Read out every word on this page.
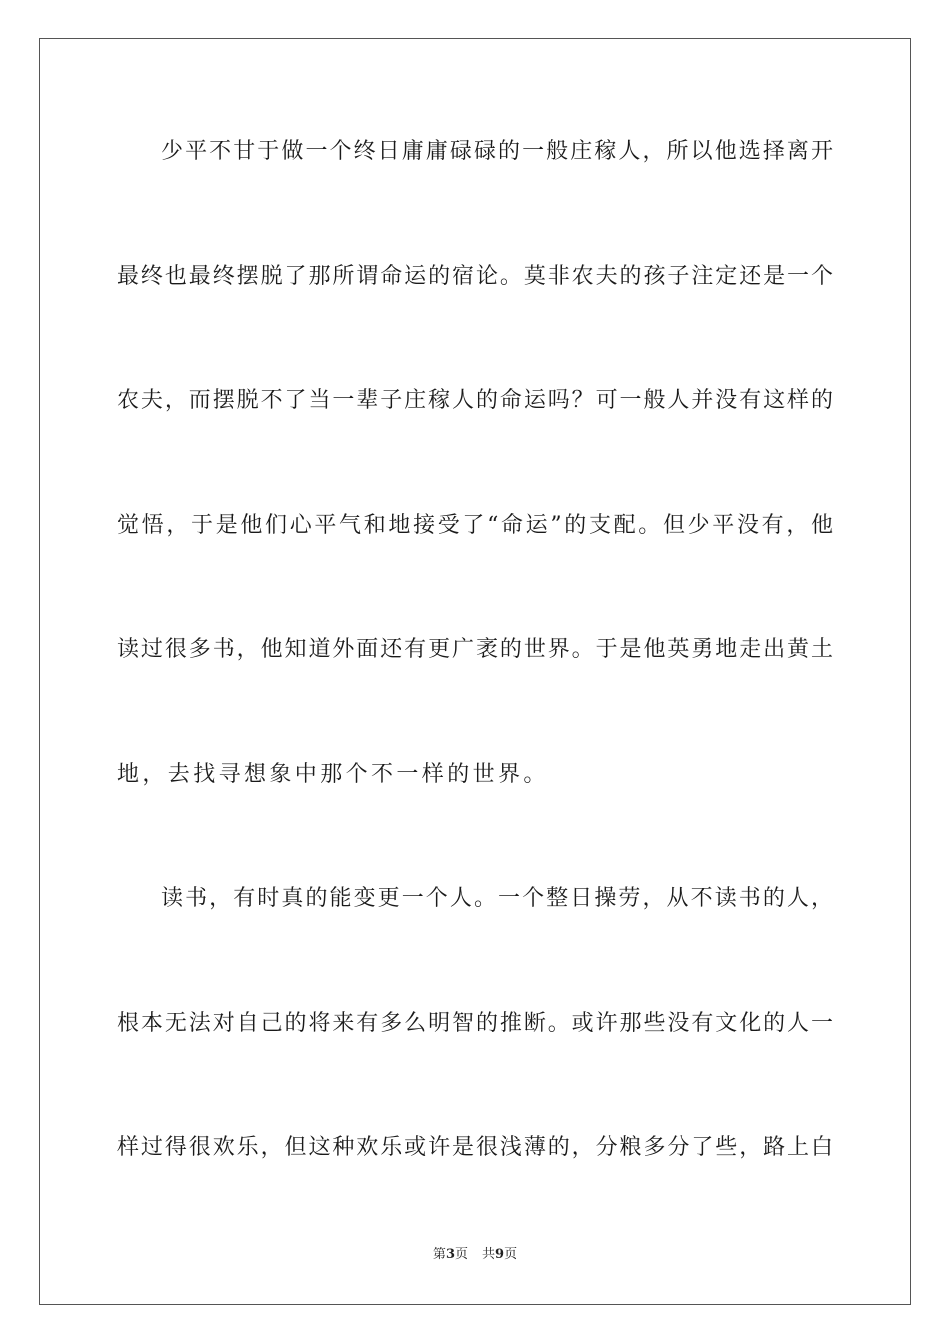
少平不甘于做一个终日庸庸碌碌的一般庄稼人，所以他选择离开
最终也最终摆脱了那所谓命运的宿论。莫非农夫的孩子注定还是一个
农夫，而摆脱不了当一辈子庄稼人的命运吗？可一般人并没有这样的
觉悟，于是他们心平气和地接受了“命运”的支配。但少平没有，他
读过很多书，他知道外面还有更广袤的世界。于是他英勇地走出黄土
地，去找寻想象中那个不一样的世界。
读书，有时真的能变更一个人。一个整日操劳，从不读书的人，
根本无法对自己的将来有多么明智的推断。或许那些没有文化的人一
样过得很欢乐，但这种欢乐或许是很浅薄的，分粮多分了些，路上白
第3页 共9页
